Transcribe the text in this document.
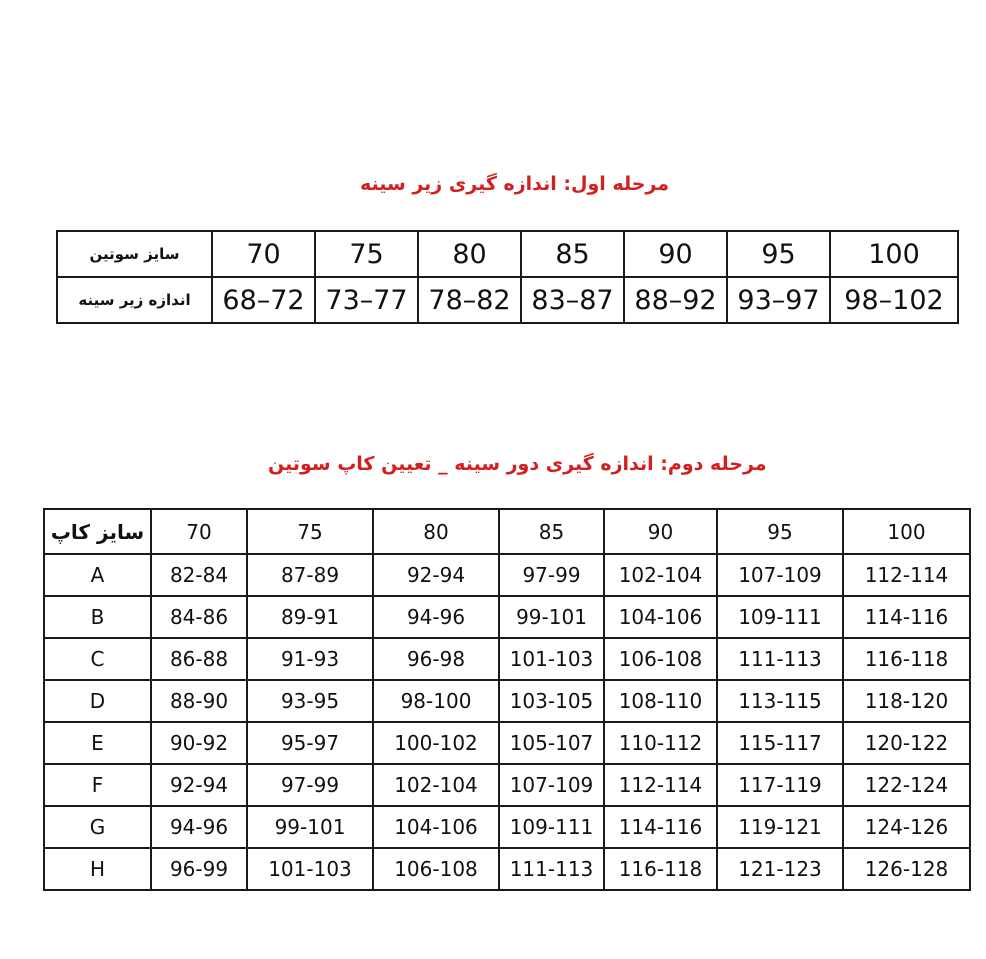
مرحله اول: اندازه گیری زیر سینه
سایز سوتین	70	75	80	85	90	95	100
اندازه زیر سینه	68–72	73–77	78–82	83–87	88–92	93–97	98–102
مرحله دوم: اندازه گیری دور سینه _ تعیین کاپ سوتین
سایز کاپ	70	75	80	85	90	95	100
A	82-84	87-89	92-94	97-99	102-104	107-109	112-114
B	84-86	89-91	94-96	99-101	104-106	109-111	114-116
C	86-88	91-93	96-98	101-103	106-108	111-113	116-118
D	88-90	93-95	98-100	103-105	108-110	113-115	118-120
E	90-92	95-97	100-102	105-107	110-112	115-117	120-122
F	92-94	97-99	102-104	107-109	112-114	117-119	122-124
G	94-96	99-101	104-106	109-111	114-116	119-121	124-126
H	96-99	101-103	106-108	111-113	116-118	121-123	126-128
